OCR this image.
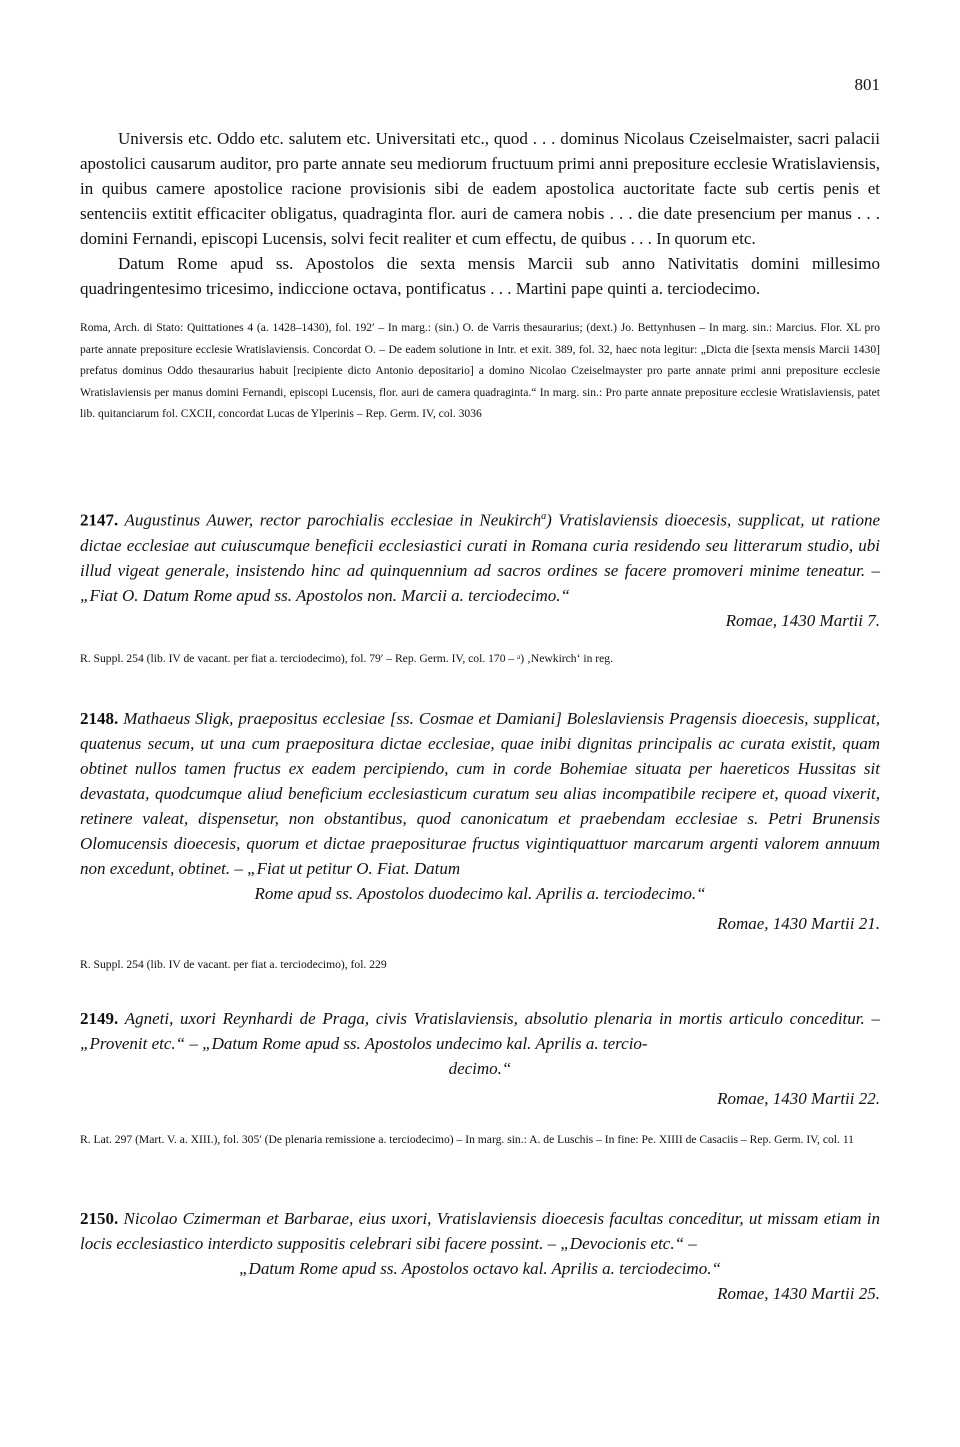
801

Universis etc. Oddo etc. salutem etc. Universitati etc., quod . . . dominus Nicolaus Czeiselmaister, sacri palacii apostolici causarum auditor, pro parte annate seu mediorum fructuum primi anni prepositure ecclesie Wratislaviensis, in quibus camere apostolice racione provisionis sibi de eadem apostolica auctoritate facte sub certis penis et sentenciis extitit efficaciter obligatus, quadraginta flor. auri de camera nobis . . . die date presencium per manus . . . domini Fernandi, episcopi Lucensis, solvi fecit realiter et cum effectu, de quibus . . . In quorum etc.

Datum Rome apud ss. Apostolos die sexta mensis Marcii sub anno Nativitatis domini millesimo quadringentesimo tricesimo, indiccione octava, pontificatus . . . Martini pape quinti a. terciodecimo.

Roma, Arch. di Stato: Quittationes 4 (a. 1428–1430), fol. 192′ – In marg.: (sin.) O. de Varris thesaurarius; (dext.) Jo. Bettynhusen – In marg. sin.: Marcius. Flor. XL pro parte annate prepositure ecclesie Wratislaviensis. Concordat O. – De eadem solutione in Intr. et exit. 389, fol. 32, haec nota legitur: „Dicta die [sexta mensis Marcii 1430] prefatus dominus Oddo thesaurarius habuit [recipiente dicto Antonio depositario] a domino Nicolao Czeiselmayster pro parte annate primi anni prepositure ecclesie Wratislaviensis per manus domini Fernandi, episcopi Lucensis, flor. auri de camera quadraginta.“ In marg. sin.: Pro parte annate prepositure ecclesie Wratislaviensis, patet lib. quitanciarum fol. CXCII, concordat Lucas de Ylperinis – Rep. Germ. IV, col. 3036

2147. Augustinus Auwer, rector parochialis ecclesiae in Neukirch$^a$) Vratislaviensis dioecesis, supplicat, ut ratione dictae ecclesiae aut cuiuscumque beneficii ecclesiastici curati in Romana curia residendo seu litterarum studio, ubi illud vigeat generale, insistendo hinc ad quinquennium ad sacros ordines se facere promoveri minime teneatur. – „Fiat O. Datum Rome apud ss. Apostolos non. Marcii a. terciodecimo.“
Romae, 1430 Martii 7.
R. Suppl. 254 (lib. IV de vacant. per fiat a. terciodecimo), fol. 79′ – Rep. Germ. IV, col. 170 – ᵃ) ‚Newkirch‘ in reg.
2148. Mathaeus Sligk, praepositus ecclesiae [ss. Cosmae et Damiani] Boleslaviensis Pragensis dioecesis, supplicat, quatenus secum, ut una cum praepositura dictae ecclesiae, quae inibi dignitas principalis ac curata existit, quam obtinet nullos tamen fructus ex eadem percipiendo, cum in corde Bohemiae situata per haereticos Hussitas sit devastata, quodcumque aliud beneficium ecclesiasticum curatum seu alias incompatibile recipere et, quoad vixerit, retinere valeat, dispensetur, non obstantibus, quod canonicatum et praebendam ecclesiae s. Petri Brunensis Olomucensis dioecesis, quorum et dictae praepositurae fructus vigintiquattuor marcarum argenti valorem annuum non excedunt, obtinet. – „Fiat ut petitur O. Fiat. Datum
Rome apud ss. Apostolos duodecimo kal. Aprilis a. terciodecimo.“
Romae, 1430 Martii 21.
R. Suppl. 254 (lib. IV de vacant. per fiat a. terciodecimo), fol. 229
2149. Agneti, uxori Reynhardi de Praga, civis Vratislaviensis, absolutio plenaria in mortis articulo conceditur. – „Provenit etc.“ – „Datum Rome apud ss. Apostolos undecimo kal. Aprilis a. tercio-
decimo.“
Romae, 1430 Martii 22.
R. Lat. 297 (Mart. V. a. XIII.), fol. 305′ (De plenaria remissione a. terciodecimo) – In marg. sin.: A. de Luschis – In fine: Pe. XIIII de Casaciis – Rep. Germ. IV, col. 11
2150. Nicolao Czimerman et Barbarae, eius uxori, Vratislaviensis dioecesis facultas conceditur, ut missam etiam in locis ecclesiastico interdicto suppositis celebrari sibi facere possint. – „Devocionis etc.“ –
„Datum Rome apud ss. Apostolos octavo kal. Aprilis a. terciodecimo.“
Romae, 1430 Martii 25.
